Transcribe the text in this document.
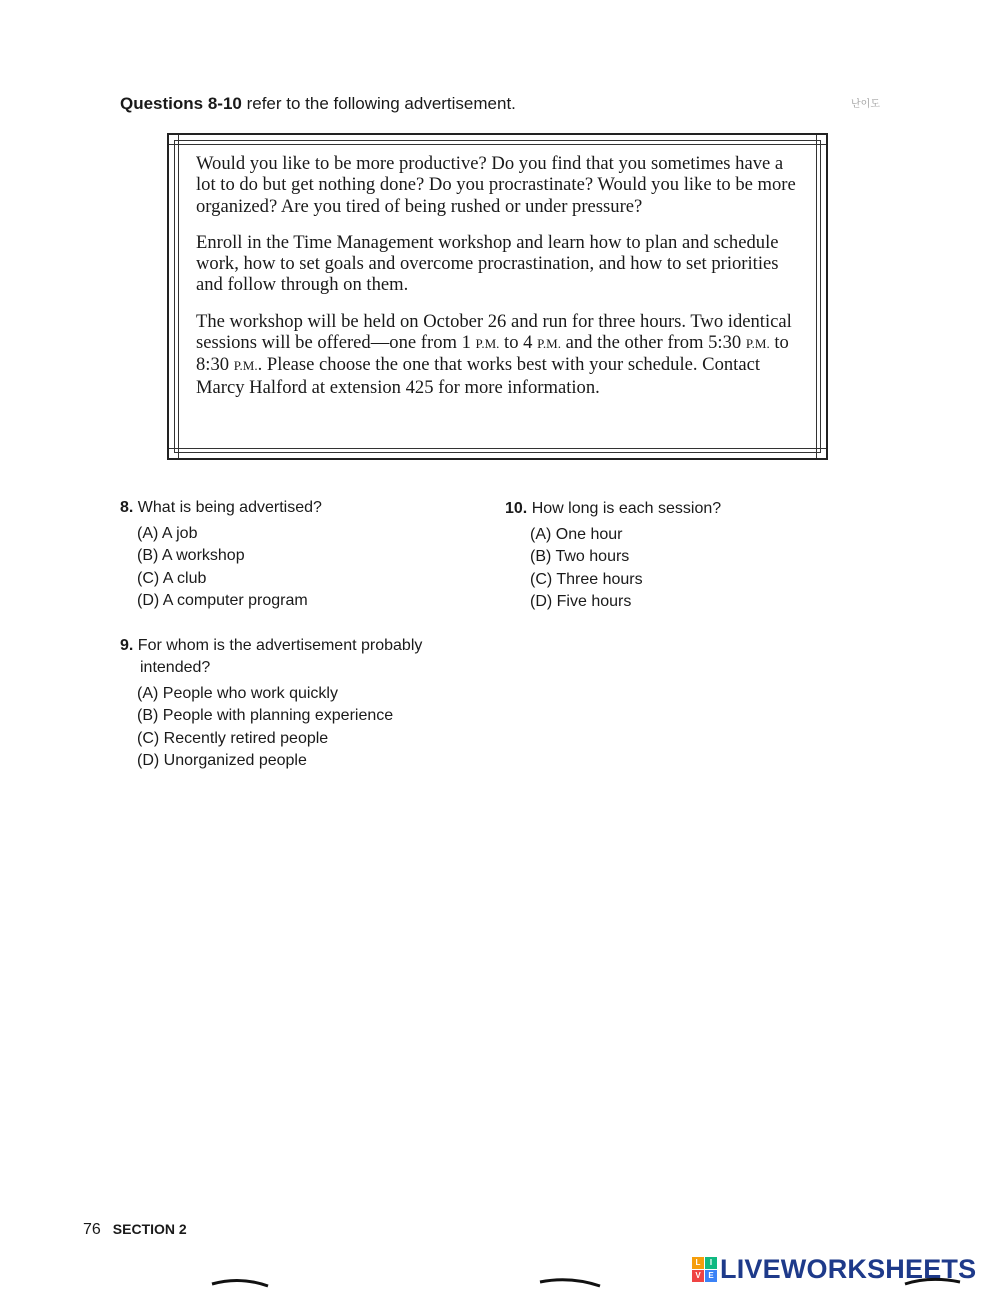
Questions 8-10 refer to the following advertisement.	난이도

Would you like to be more productive? Do you find that you sometimes have a lot to do but get nothing done? Do you procrastinate? Would you like to be more organized? Are you tired of being rushed or under pressure?

Enroll in the Time Management workshop and learn how to plan and schedule work, how to set goals and overcome procrastination, and how to set priorities and follow through on them.

The workshop will be held on October 26 and run for three hours. Two identical sessions will be offered—one from 1 P.M. to 4 P.M. and the other from 5:30 P.M. to 8:30 P.M.. Please choose the one that works best with your schedule. Contact Marcy Halford at extension 425 for more information.

8. What is being advertised?
(A) A job
(B) A workshop
(C) A club
(D) A computer program
9. For whom is the advertisement probably
intended?
(A) People who work quickly
(B) People with planning experience
(C) Recently retired people
(D) Unorganized people
10. How long is each session?
(A) One hour
(B) Two hours
(C) Three hours
(D) Five hours
76 SECTION 2
L	I
V E LIVEWORKSHEETS
